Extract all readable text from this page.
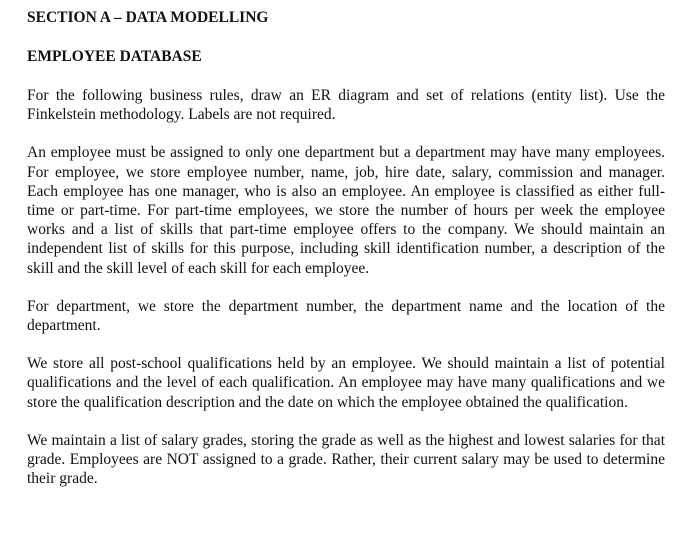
SECTION A – DATA MODELLING

EMPLOYEE DATABASE

For the following business rules, draw an ER diagram and set of relations (entity list). Use the Finkelstein methodology. Labels are not required.

An employee must be assigned to only one department but a department may have many employees. For employee, we store employee number, name, job, hire date, salary, commission and manager. Each employee has one manager, who is also an employee. An employee is classified as either full-time or part-time. For part-time employees, we store the number of hours per week the employee works and a list of skills that part-time employee offers to the company. We should maintain an independent list of skills for this purpose, including skill identification number, a description of the skill and the skill level of each skill for each employee.

For department, we store the department number, the department name and the location of the department.

We store all post-school qualifications held by an employee. We should maintain a list of potential qualifications and the level of each qualification. An employee may have many qualifications and we store the qualification description and the date on which the employee obtained the qualification.

We maintain a list of salary grades, storing the grade as well as the highest and lowest salaries for that grade. Employees are NOT assigned to a grade. Rather, their current salary may be used to determine their grade.
